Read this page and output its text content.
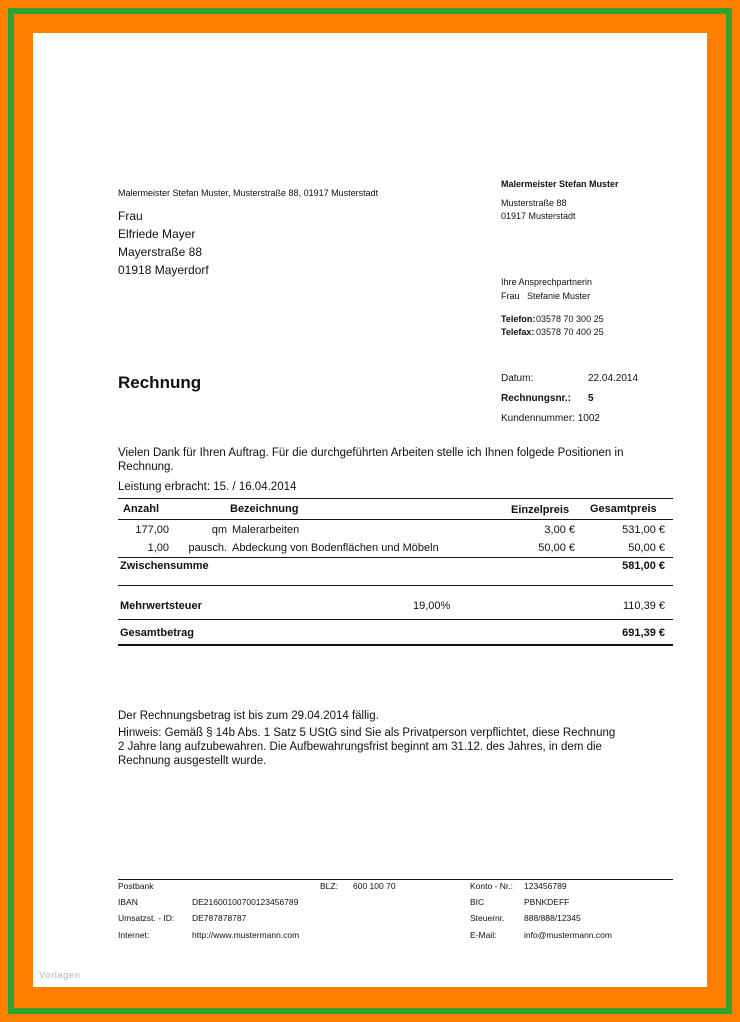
Malermeister Stefan Muster, Musterstraße 88, 01917 Musterstadt
Frau
Elfriede Mayer
Mayerstraße 88
01918 Mayerdorf
Malermeister Stefan Muster
Musterstraße 88
01917 Musterstadt
Ihre Ansprechpartnerin
Frau Stefanie Muster
Telefon:  03578 70 300 25
Telefax: 03578 70 400 25
Rechnung	Datum:	22.04.2014
Rechnungsnr.: 5
Kundennummer: 1002
Vielen Dank für Ihren Auftrag. Für die durchgeführten Arbeiten stelle ich Ihnen folgede Positionen in Rechnung.
Leistung erbracht: 15. / 16.04.2014
Anzahl	Bezeichnung	Einzelpreis Gesamtpreis
177,00	qm Malerarbeiten	3,00 €	531,00 €
1,00	pausch. Abdeckung von Bodenflächen und Möbeln	50,00 €	50,00 €
Zwischensumme	581,00 €
Mehrwertsteuer	19,00%	110,39 €
Gesamtbetrag	691,39 €
Der Rechnungsbetrag ist bis zum 29.04.2014 fällig.
Hinweis: Gemäß § 14b Abs. 1 Satz 5 UStG sind Sie als Privatperson verpflichtet, diese Rechnung
2 Jahre lang aufzubewahren. Die Aufbewahrungsfrist beginnt am 31.12. des Jahres, in dem die
Rechnung ausgestellt wurde.
Postbank	BLZ: 600 100 70	Konto - Nr.: 123456789
IBAN	DE21600100700123456789	BIC	PBNKDEFF
Umsatzst. - ID: DE787878787	Steuernr. 888/888/12345
Internet:	http://www.mustermann.com	E-Mail:	info@mustermann.com
Vorlagen
